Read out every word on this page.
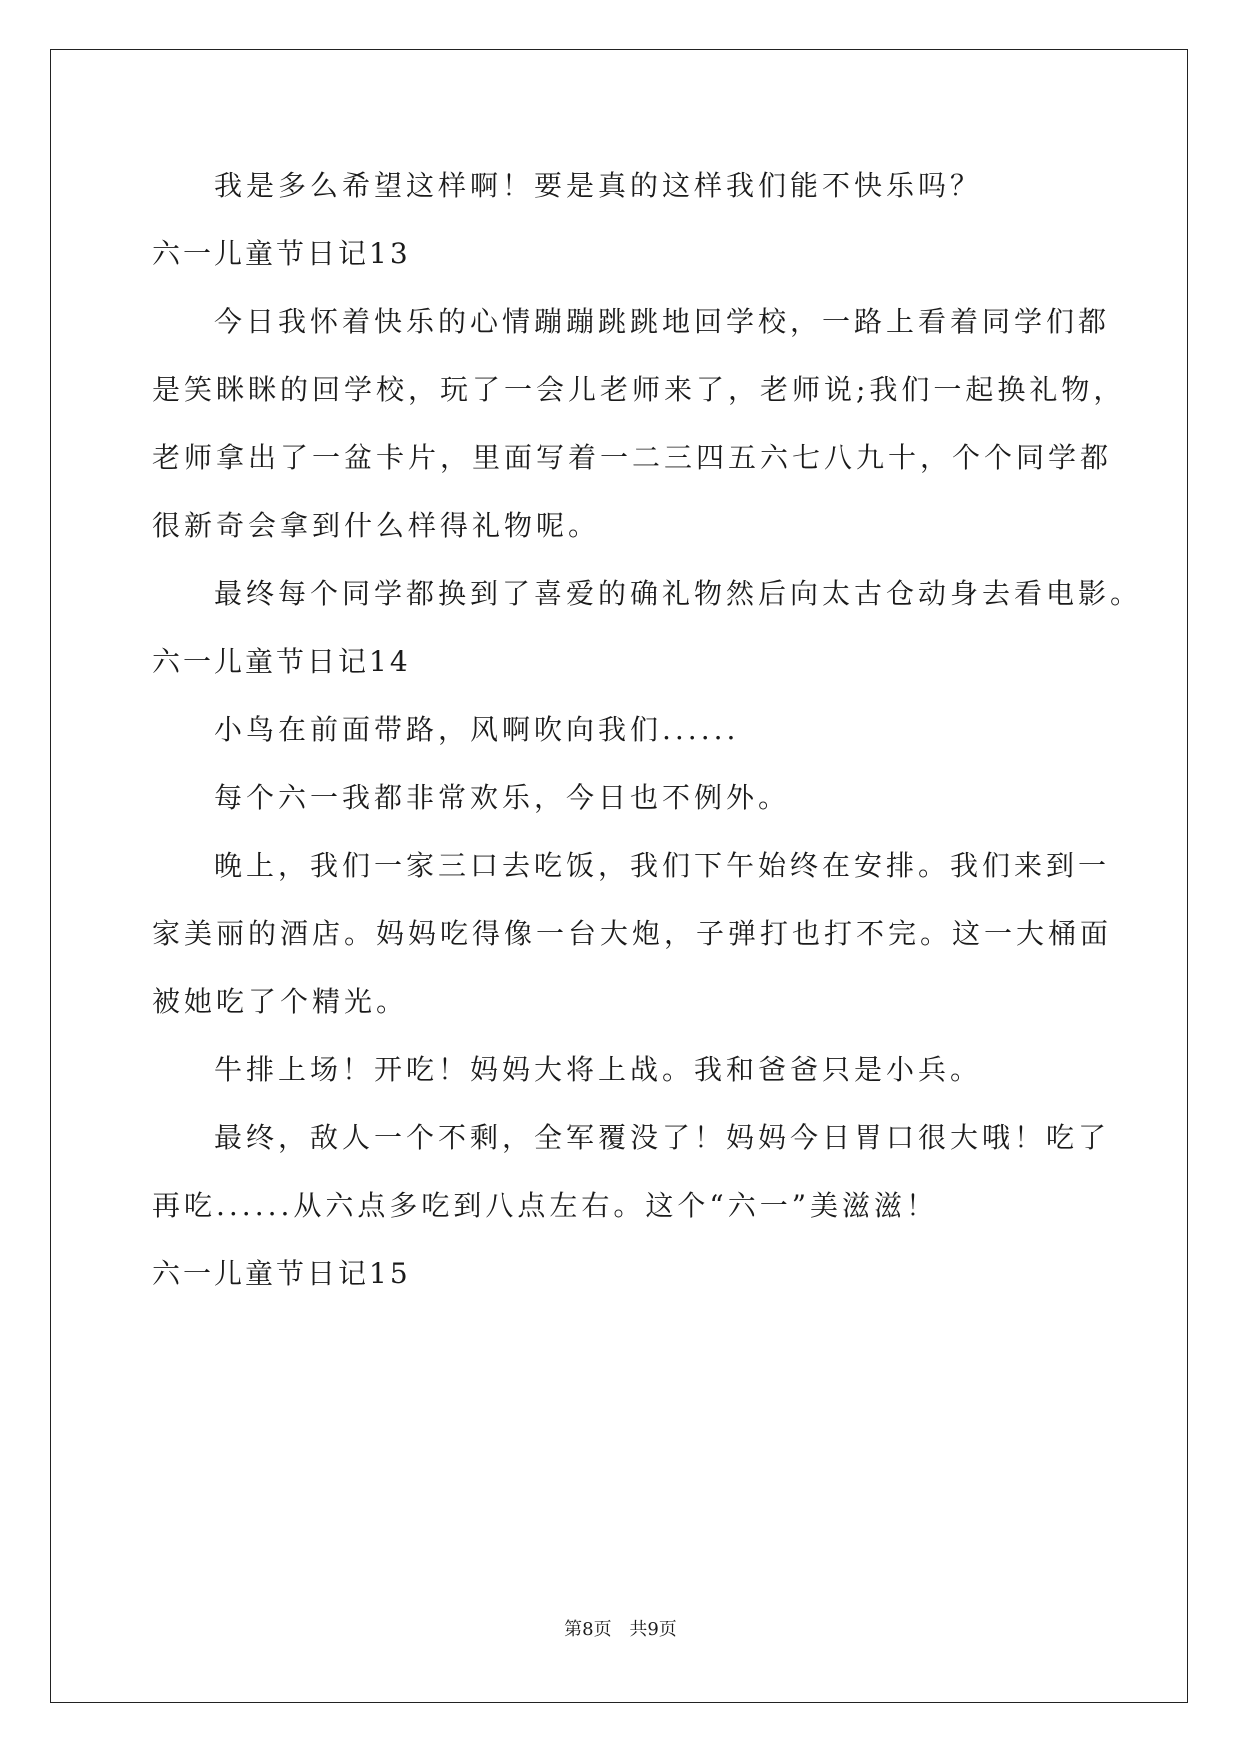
我是多么希望这样啊！要是真的这样我们能不快乐吗？
六一儿童节日记13
今日我怀着快乐的心情蹦蹦跳跳地回学校，一路上看着同学们都
是笑眯眯的回学校，玩了一会儿老师来了，老师说;我们一起换礼物，
老师拿出了一盆卡片，里面写着一二三四五六七八九十，个个同学都
很新奇会拿到什么样得礼物呢。
最终每个同学都换到了喜爱的确礼物然后向太古仓动身去看电影。
六一儿童节日记14
小鸟在前面带路，风啊吹向我们......
每个六一我都非常欢乐，今日也不例外。
晚上，我们一家三口去吃饭，我们下午始终在安排。我们来到一
家美丽的酒店。妈妈吃得像一台大炮，子弹打也打不完。这一大桶面
被她吃了个精光。
牛排上场！开吃！妈妈大将上战。我和爸爸只是小兵。
最终，敌人一个不剩，全军覆没了！妈妈今日胃口很大哦！吃了
再吃......从六点多吃到八点左右。这个“六一”美滋滋！
六一儿童节日记15
第8页 共9页
